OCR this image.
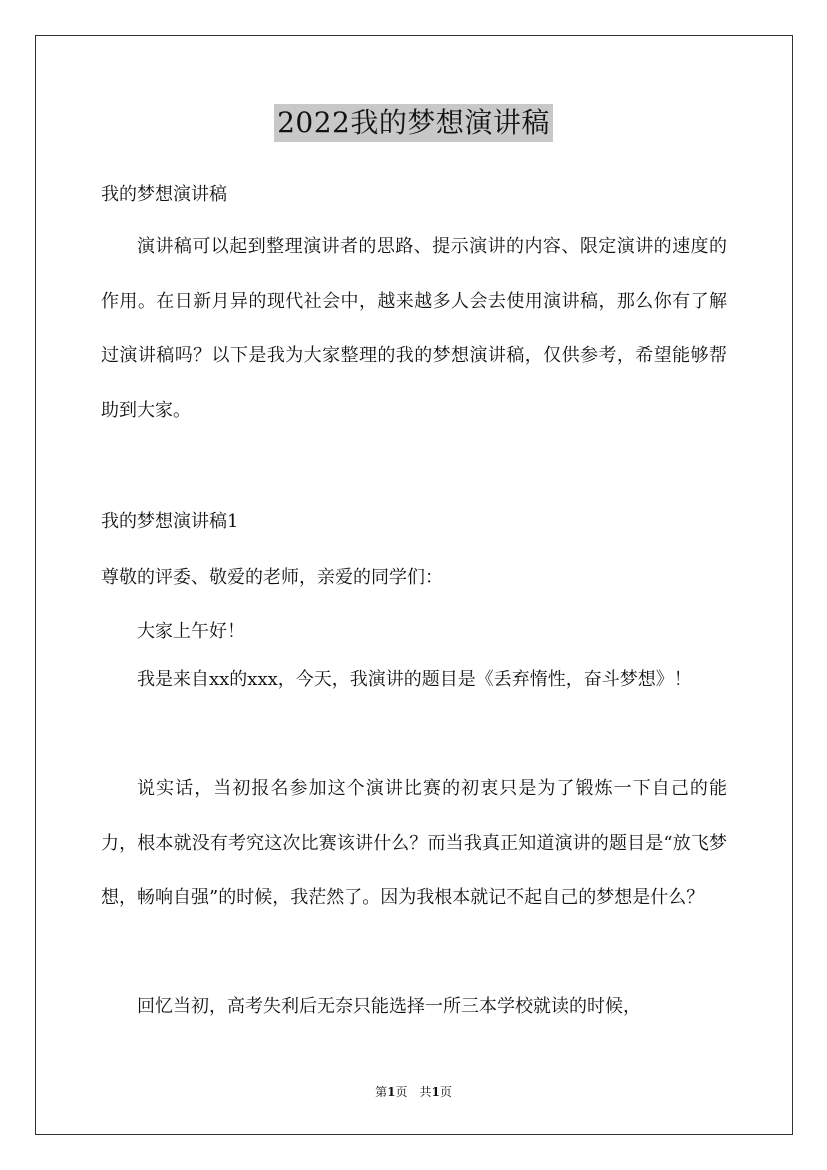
2022我的梦想演讲稿
我的梦想演讲稿

演讲稿可以起到整理演讲者的思路、提示演讲的内容、限定演讲的速度的作用。在日新月异的现代社会中，越来越多人会去使用演讲稿，那么你有了解过演讲稿吗？以下是我为大家整理的我的梦想演讲稿，仅供参考，希望能够帮助到大家。

我的梦想演讲稿1
尊敬的评委、敬爱的老师，亲爱的同学们：
大家上午好！

我是来自xx的xxx，今天，我演讲的题目是《丢弃惰性，奋斗梦想》！

说实话，当初报名参加这个演讲比赛的初衷只是为了锻炼一下自己的能力，根本就没有考究这次比赛该讲什么？而当我真正知道演讲的题目是“放飞梦想，畅响自强”的时候，我茫然了。因为我根本就记不起自己的梦想是什么？

回忆当初，高考失利后无奈只能选择一所三本学校就读的时候，

第1页　共1页
